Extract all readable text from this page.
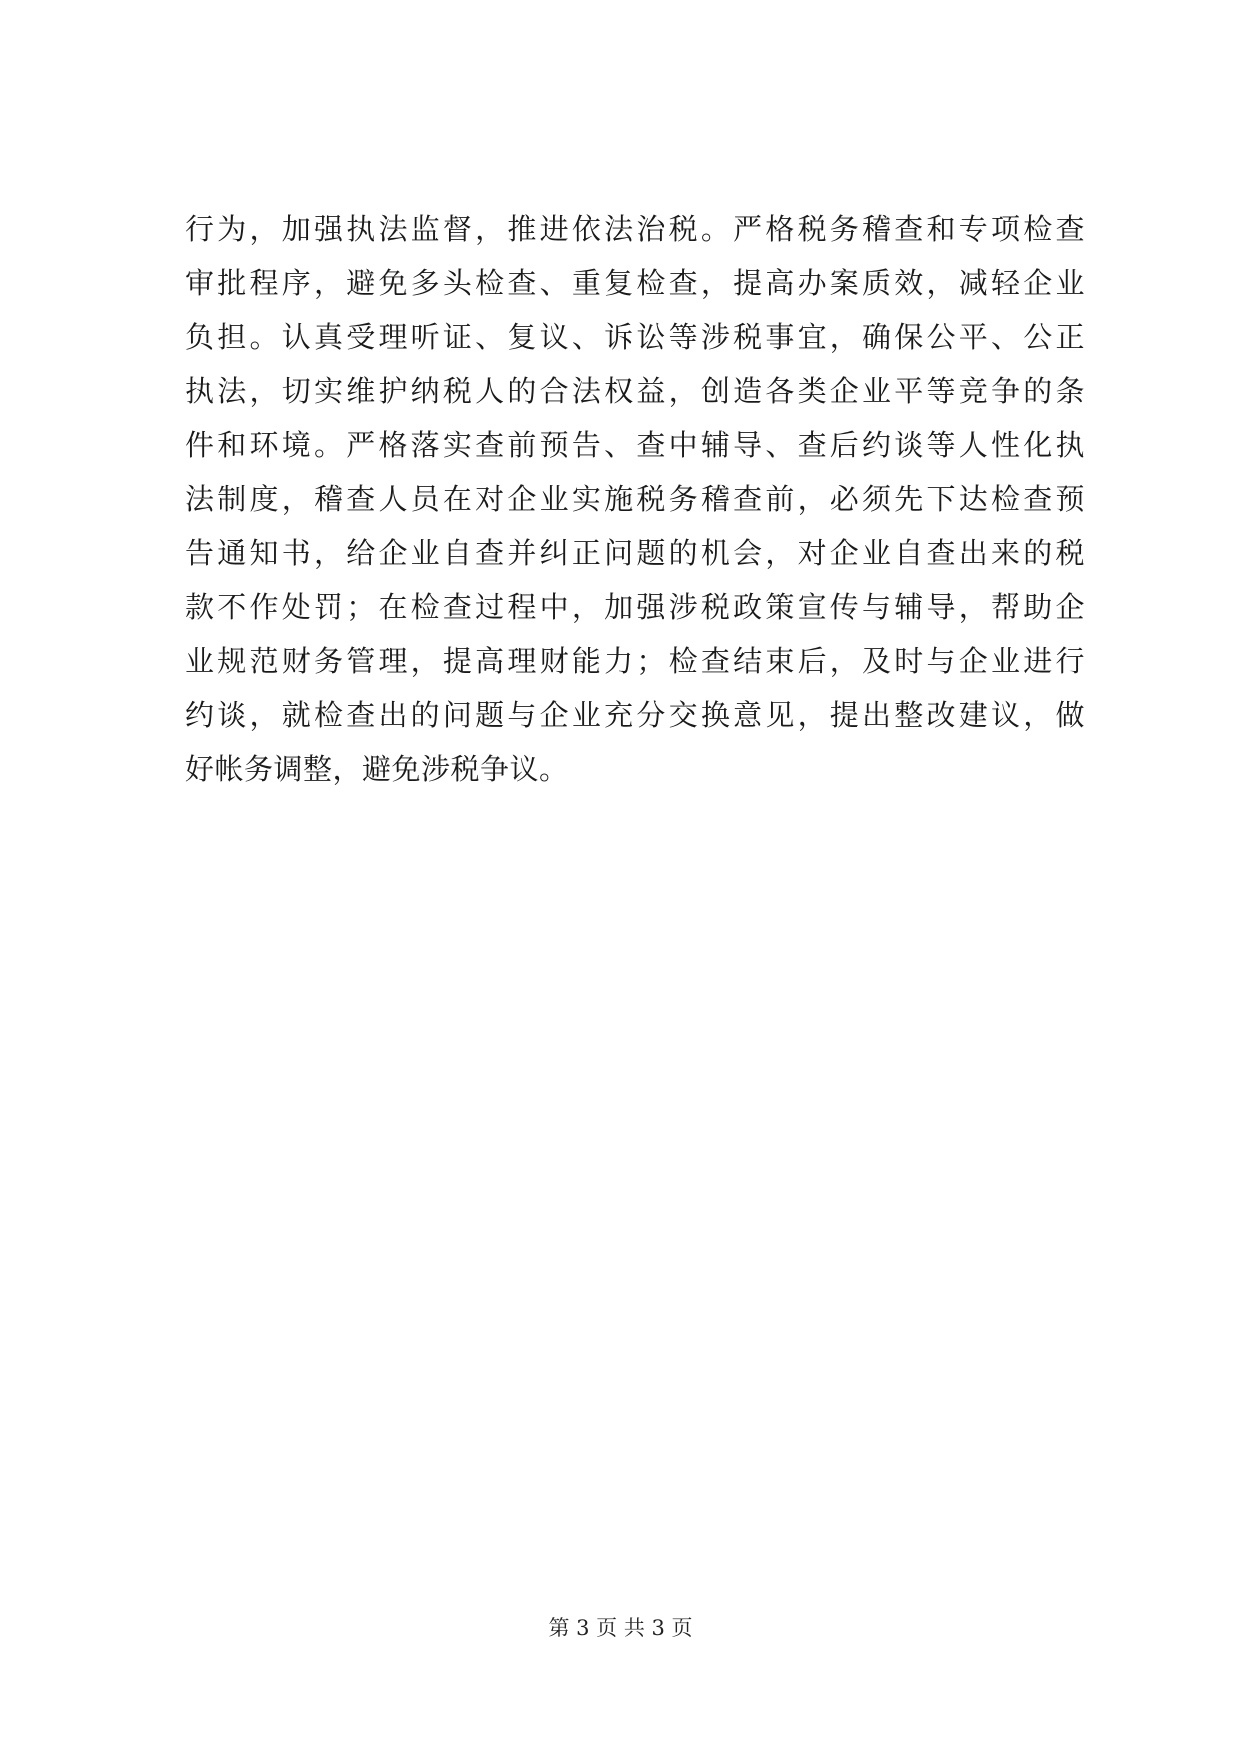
行为，加强执法监督，推进依法治税。严格税务稽查和专项检查
审批程序，避免多头检查、重复检查，提高办案质效，减轻企业
负担。认真受理听证、复议、诉讼等涉税事宜，确保公平、公正
执法，切实维护纳税人的合法权益，创造各类企业平等竞争的条
件和环境。严格落实查前预告、查中辅导、查后约谈等人性化执
法制度，稽查人员在对企业实施税务稽查前，必须先下达检查预
告通知书，给企业自查并纠正问题的机会，对企业自查出来的税
款不作处罚；在检查过程中，加强涉税政策宣传与辅导，帮助企
业规范财务管理，提高理财能力；检查结束后，及时与企业进行
约谈，就检查出的问题与企业充分交换意见，提出整改建议，做
好帐务调整，避免涉税争议。
第 3 页 共 3 页
